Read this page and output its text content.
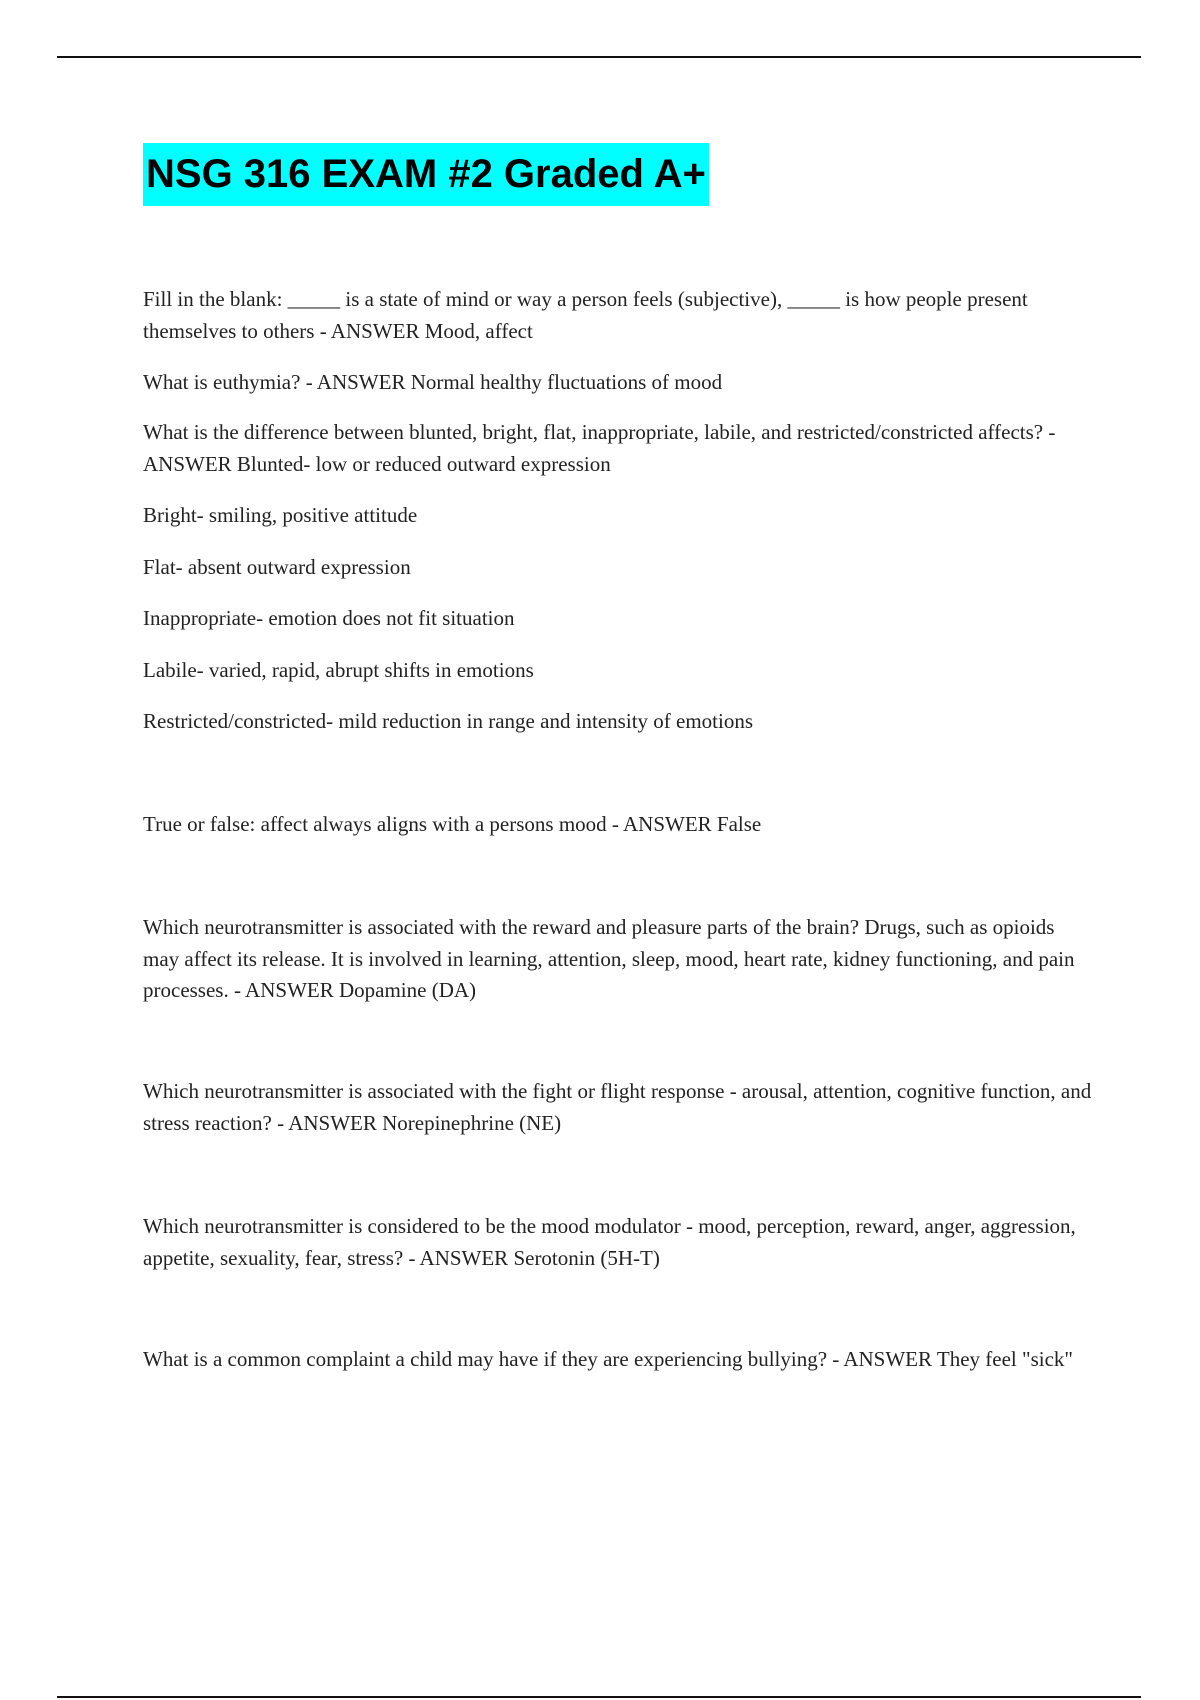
NSG 316 EXAM #2 Graded A+

Fill in the blank: _____ is a state of mind or way a person feels (subjective), _____ is how people present themselves to others - ANSWER Mood, affect

What is euthymia? - ANSWER Normal healthy fluctuations of mood

What is the difference between blunted, bright, flat, inappropriate, labile, and restricted/constricted affects? - ANSWER Blunted- low or reduced outward expression

Bright- smiling, positive attitude

Flat- absent outward expression

Inappropriate- emotion does not fit situation

Labile- varied, rapid, abrupt shifts in emotions

Restricted/constricted- mild reduction in range and intensity of emotions

True or false: affect always aligns with a persons mood - ANSWER False

Which neurotransmitter is associated with the reward and pleasure parts of the brain? Drugs, such as opioids may affect its release. It is involved in learning, attention, sleep, mood, heart rate, kidney functioning, and pain processes. - ANSWER Dopamine (DA)

Which neurotransmitter is associated with the fight or flight response - arousal, attention, cognitive function, and stress reaction? - ANSWER Norepinephrine (NE)

Which neurotransmitter is considered to be the mood modulator - mood, perception, reward, anger, aggression, appetite, sexuality, fear, stress? - ANSWER Serotonin (5H-T)

What is a common complaint a child may have if they are experiencing bullying? - ANSWER They feel "sick"
